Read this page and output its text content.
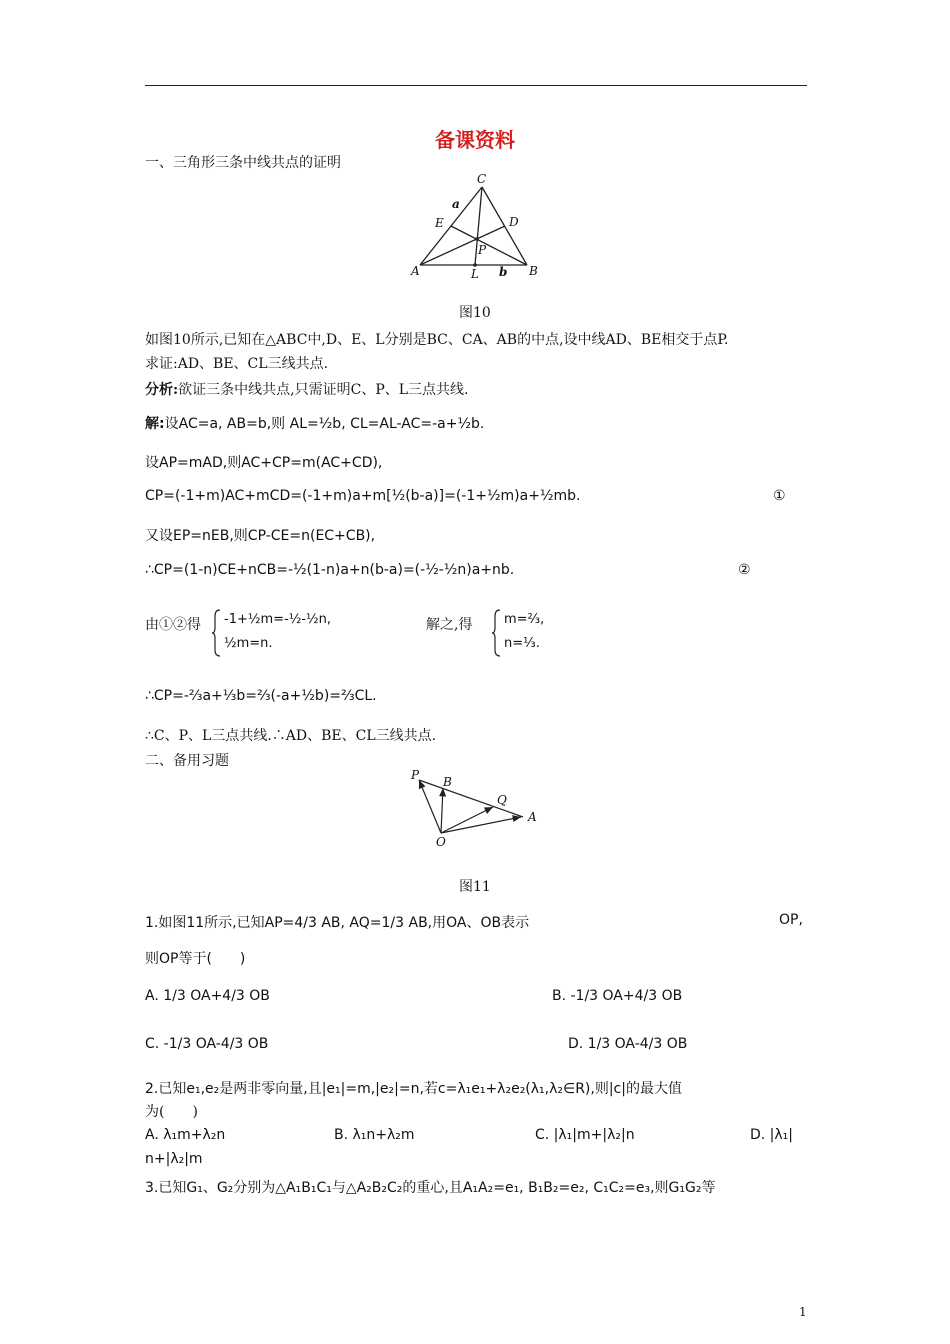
备课资料
一、三角形三条中线共点的证明
C
a
E	D
P
A	L b B
图10
如图10所示,已知在△ABC中,D、E、L分别是BC、CA、AB的中点,设中线AD、BE相交于点P.
求证:AD、BE、CL三线共点.
分析:欲证三条中线共点,只需证明C、P、L三点共线.
解:设AC=a, AB=b,则 AL=½b, CL=AL-AC=-a+½b.
设AP=mAD,则AC+CP=m(AC+CD),
CP=(-1+m)AC+mCD=(-1+m)a+m[½(b-a)]=(-1+½m)a+½mb.	①
又设EP=nEB,则CP-CE=n(EC+CB),
∴CP=(1-n)CE+nCB=-½(1-n)a+n(b-a)=(-½-½n)a+nb.	②
由①②得 -1+½m=-½-½n,
½m=n.
解之,得 m=⅔,
n=⅓.
∴CP=-⅔a+⅓b=⅔(-a+½b)=⅔CL.
∴C、P、L三点共线.∴AD、BE、CL三线共点.
二、备用习题
P B
Q
A
O
图11
1.如图11所示,已知AP=4/3 AB, AQ=1/3 AB,用OA、OB表示	OP,
则OP等于(　　)
A. 1/3 OA+4/3 OB	B. -1/3 OA+4/3 OB
C. -1/3 OA-4/3 OB	D. 1/3 OA-4/3 OB
2.已知e₁,e₂是两非零向量,且|e₁|=m,|e₂|=n,若c=λ₁e₁+λ₂e₂(λ₁,λ₂∈R),则|c|的最大值
为(　　)
A. λ₁m+λ₂n	B. λ₁n+λ₂m	C. |λ₁|m+|λ₂|n	D. |λ₁|
n+|λ₂|m
3.已知G₁、G₂分别为△A₁B₁C₁与△A₂B₂C₂的重心,且A₁A₂=e₁, B₁B₂=e₂, C₁C₂=e₃,则G₁G₂等
1
